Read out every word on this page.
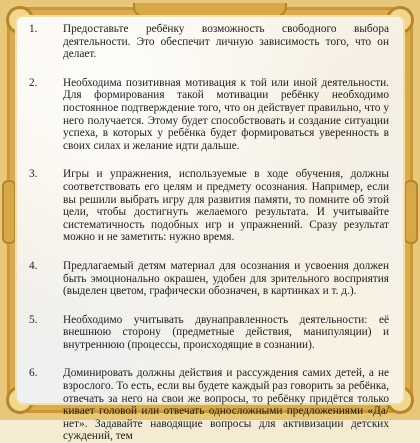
1.	Предоставьте ребёнку возможность свободного выбора деятельности. Это обеспечит личную зависимость того, что он делает.
2.	Необходима позитивная мотивация к той или иной деятельности. Для формирования такой мотивации ребёнку необходимо постоянное подтверждение того, что он действует правильно, что у него получается. Этому будет способствовать и создание ситуации успеха, в которых у ребёнка будет формироваться уверенность в своих силах и желание идти дальше.
3.	Игры и упражнения, используемые в ходе обучения, должны соответствовать его целям и предмету осознания. Например, если вы решили выбрать игру для развития памяти, то помните об этой цели, чтобы достигнуть желаемого результата. И учитывайте систематичность подобных игр и упражнений. Сразу результат можно и не заметить: нужно время.
4.	Предлагаемый детям материал для осознания и усвоения должен быть эмоционально окрашен, удобен для зрительного восприятия (выделен цветом, графически обозначен, в картинках и т. д.).
5.	Необходимо учитывать двунаправленность деятельности: её внешнюю сторону (предметные действия, манипуляции) и внутреннюю (процессы, происходящие в сознании).
6.	Доминировать должны действия и рассуждения самих детей, а не взрослого. То есть, если вы будете каждый раз говорить за ребёнка, отвечать за него на свои же вопросы, то ребёнку придётся только кивает головой или отвечать односложными предложениями «Да/нет». Задавайте наводящие вопросы для активизации детских суждений, тем
